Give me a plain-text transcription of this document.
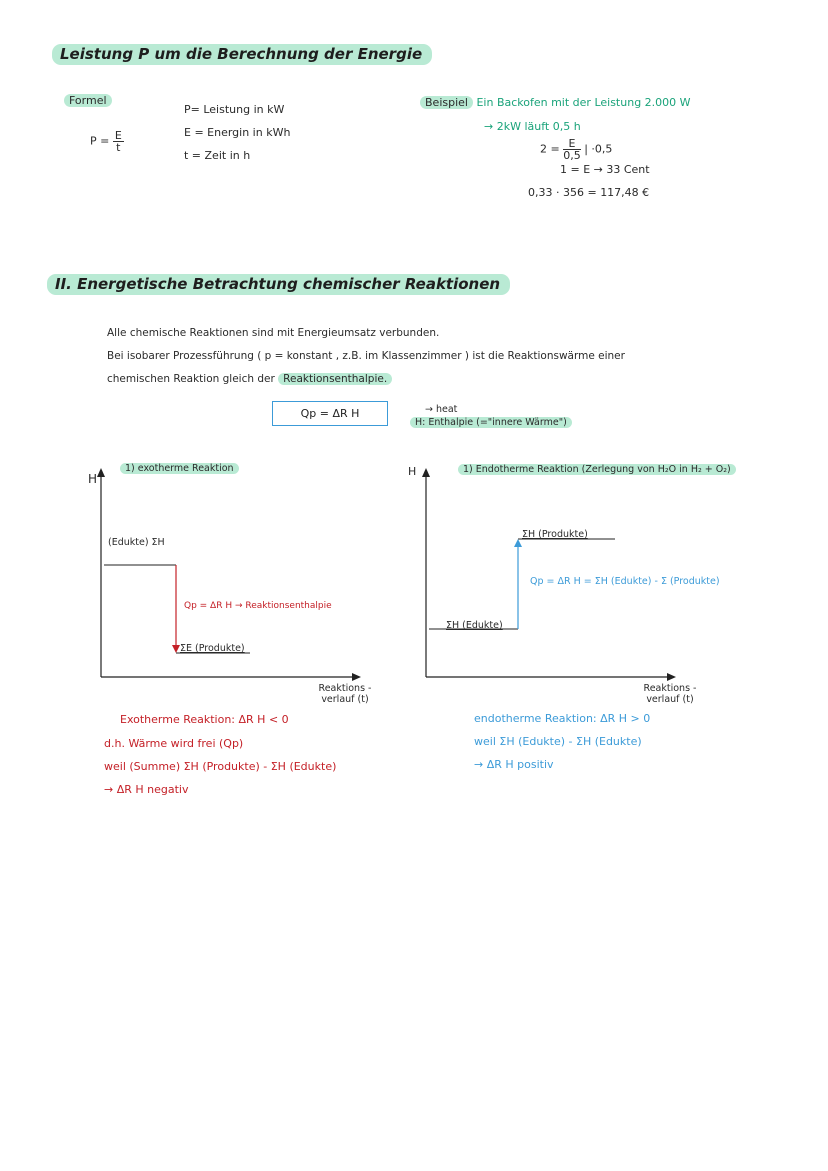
Leistung P um die Berechnung der Energie
Formel
$P = \frac{E}{t}$
P= Leistung in kW
E = Energin in kWh
t = Zeit in h
Beispiel Ein Backofen mit der Leistung 2.000 W
→ 2kW läuft 0,5 h
$2 = \frac{E}{0,5}$ | ·0,5
1 = E → 33 Cent
0,33 · 356 = 117,48 €
II. Energetische Betrachtung chemischer Reaktionen
Alle chemische Reaktionen sind mit Energieumsatz verbunden.
Bei isobarer Prozessführung ( p = konstant , z.B. im Klassenzimmer ) ist die Reaktionswärme einer
chemischen Reaktion gleich der Reaktionsenthalpie.
Qp = ΔR H	→ heat
H: Enthalpie (="innere Wärme")
H
1) exotherme Reaktion
(Edukte) ΣH
ΣE (Produkte)
Qp = ΔR H → Reaktionsenthalpie
Reaktions - verlauf (t)
Exotherme Reaktion: ΔR H < 0
d.h. Wärme wird frei (Qp)
weil (Summe) ΣH (Produkte) - ΣH (Edukte)
→ ΔR H negativ
H	1) Endotherme Reaktion (Zerlegung von H₂O in H₂ + O₂)
ΣH (Edukte)
ΣH (Produkte)
Qp = ΔR H = ΣH (Edukte) - Σ (Produkte)
Reaktions - verlauf (t)
endotherme Reaktion: ΔR H > 0
weil ΣH (Edukte) - ΣH (Edukte)
→ ΔR H positiv
